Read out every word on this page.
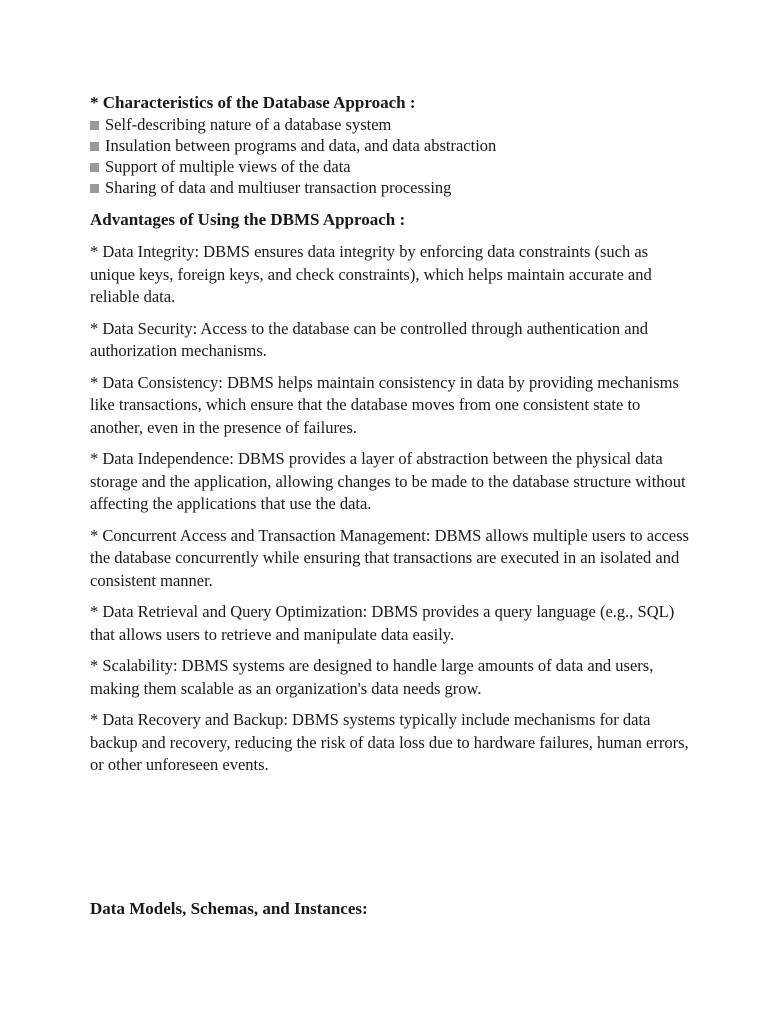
* Characteristics of the Database Approach :
Self-describing nature of a database system
Insulation between programs and data, and data abstraction
Support of multiple views of the data
Sharing of data and multiuser transaction processing
Advantages of Using the DBMS Approach :

* Data Integrity: DBMS ensures data integrity by enforcing data constraints (such as unique keys, foreign keys, and check constraints), which helps maintain accurate and reliable data.

* Data Security: Access to the database can be controlled through authentication and authorization mechanisms.

* Data Consistency: DBMS helps maintain consistency in data by providing mechanisms like transactions, which ensure that the database moves from one consistent state to another, even in the presence of failures.

* Data Independence: DBMS provides a layer of abstraction between the physical data storage and the application, allowing changes to be made to the database structure without affecting the applications that use the data.

* Concurrent Access and Transaction Management: DBMS allows multiple users to access the database concurrently while ensuring that transactions are executed in an isolated and consistent manner.

* Data Retrieval and Query Optimization: DBMS provides a query language (e.g., SQL) that allows users to retrieve and manipulate data easily.

* Scalability: DBMS systems are designed to handle large amounts of data and users, making them scalable as an organization's data needs grow.

* Data Recovery and Backup: DBMS systems typically include mechanisms for data backup and recovery, reducing the risk of data loss due to hardware failures, human errors, or other unforeseen events.

Data Models, Schemas, and Instances:
